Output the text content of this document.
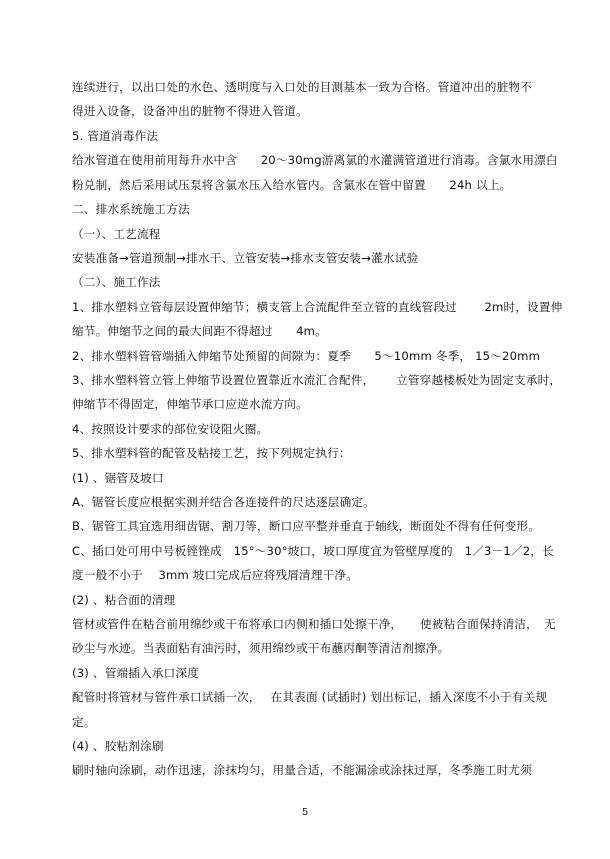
连续进行，以出口处的水色、透明度与入口处的目测基本一致为合格。管道冲出的脏物不
得进入设备，设备冲出的脏物不得进入管道。
5. 管道消毒作法
给水管道在使用前用每升水中含　　20～30mg游离氯的水灌满管道进行消毒。含氯水用漂白
粉兑制，然后采用试压泵将含氯水压入给水管内。含氯水在管中留置　　24h 以上。
二、排水系统施工方法
（一）、工艺流程
安装准备→管道预制→排水干、立管安装→排水支管安装→灌水试验
（二）、施工作法
1、排水塑料立管每层设置伸缩节；横支管上合流配件至立管的直线管段过　　 2m时，设置伸
缩节。伸缩节之间的最大间距不得超过　　4m。
2、排水塑料管管端插入伸缩节处预留的间隙为：夏季　　5～10mm 冬季， 15～20mm
3、排水塑料管立管上伸缩节设置位置靠近水流汇合配件，　　 立管穿越楼板处为固定支承时，
伸缩节不得固定，伸缩节承口应逆水流方向。
4、按照设计要求的部位安设阻火圈。
5、排水塑料管的配管及粘接工艺，按下列规定执行：
(1) 、锯管及坡口
A、锯管长度应根据实测并结合各连接件的尺达逐层确定。
B、锯管工具宜选用细齿锯、割刀等，断口应平整并垂直于轴线，断面处不得有任何变形。
C、插口处可用中号板锉锉成　15°～30°坡口，坡口厚度宜为管壁厚度的　1／3－1／2，长
度一般不小于　 3mm 坡口完成后应将残屑清理干净。
(2) 、粘合面的清理
管材或管件在粘合前用绵纱或干布将承口内侧和插口处擦干净，　　使被粘合面保持清洁，　无
砂尘与水迹。当表面粘有油污时，须用绵纱或干布蘸丙酮等清洁剂擦净。
(3) 、管端插入承口深度
配管时将管材与管件承口试插一次，　 在其表面 (试插时) 划出标记，插入深度不小于有关规
定。
(4) 、胶粘剂涂刷
刷时轴向涂刷，动作迅速，涂抹均匀，用量合适，不能漏涂或涂抹过厚，冬季施工时尤须
5
